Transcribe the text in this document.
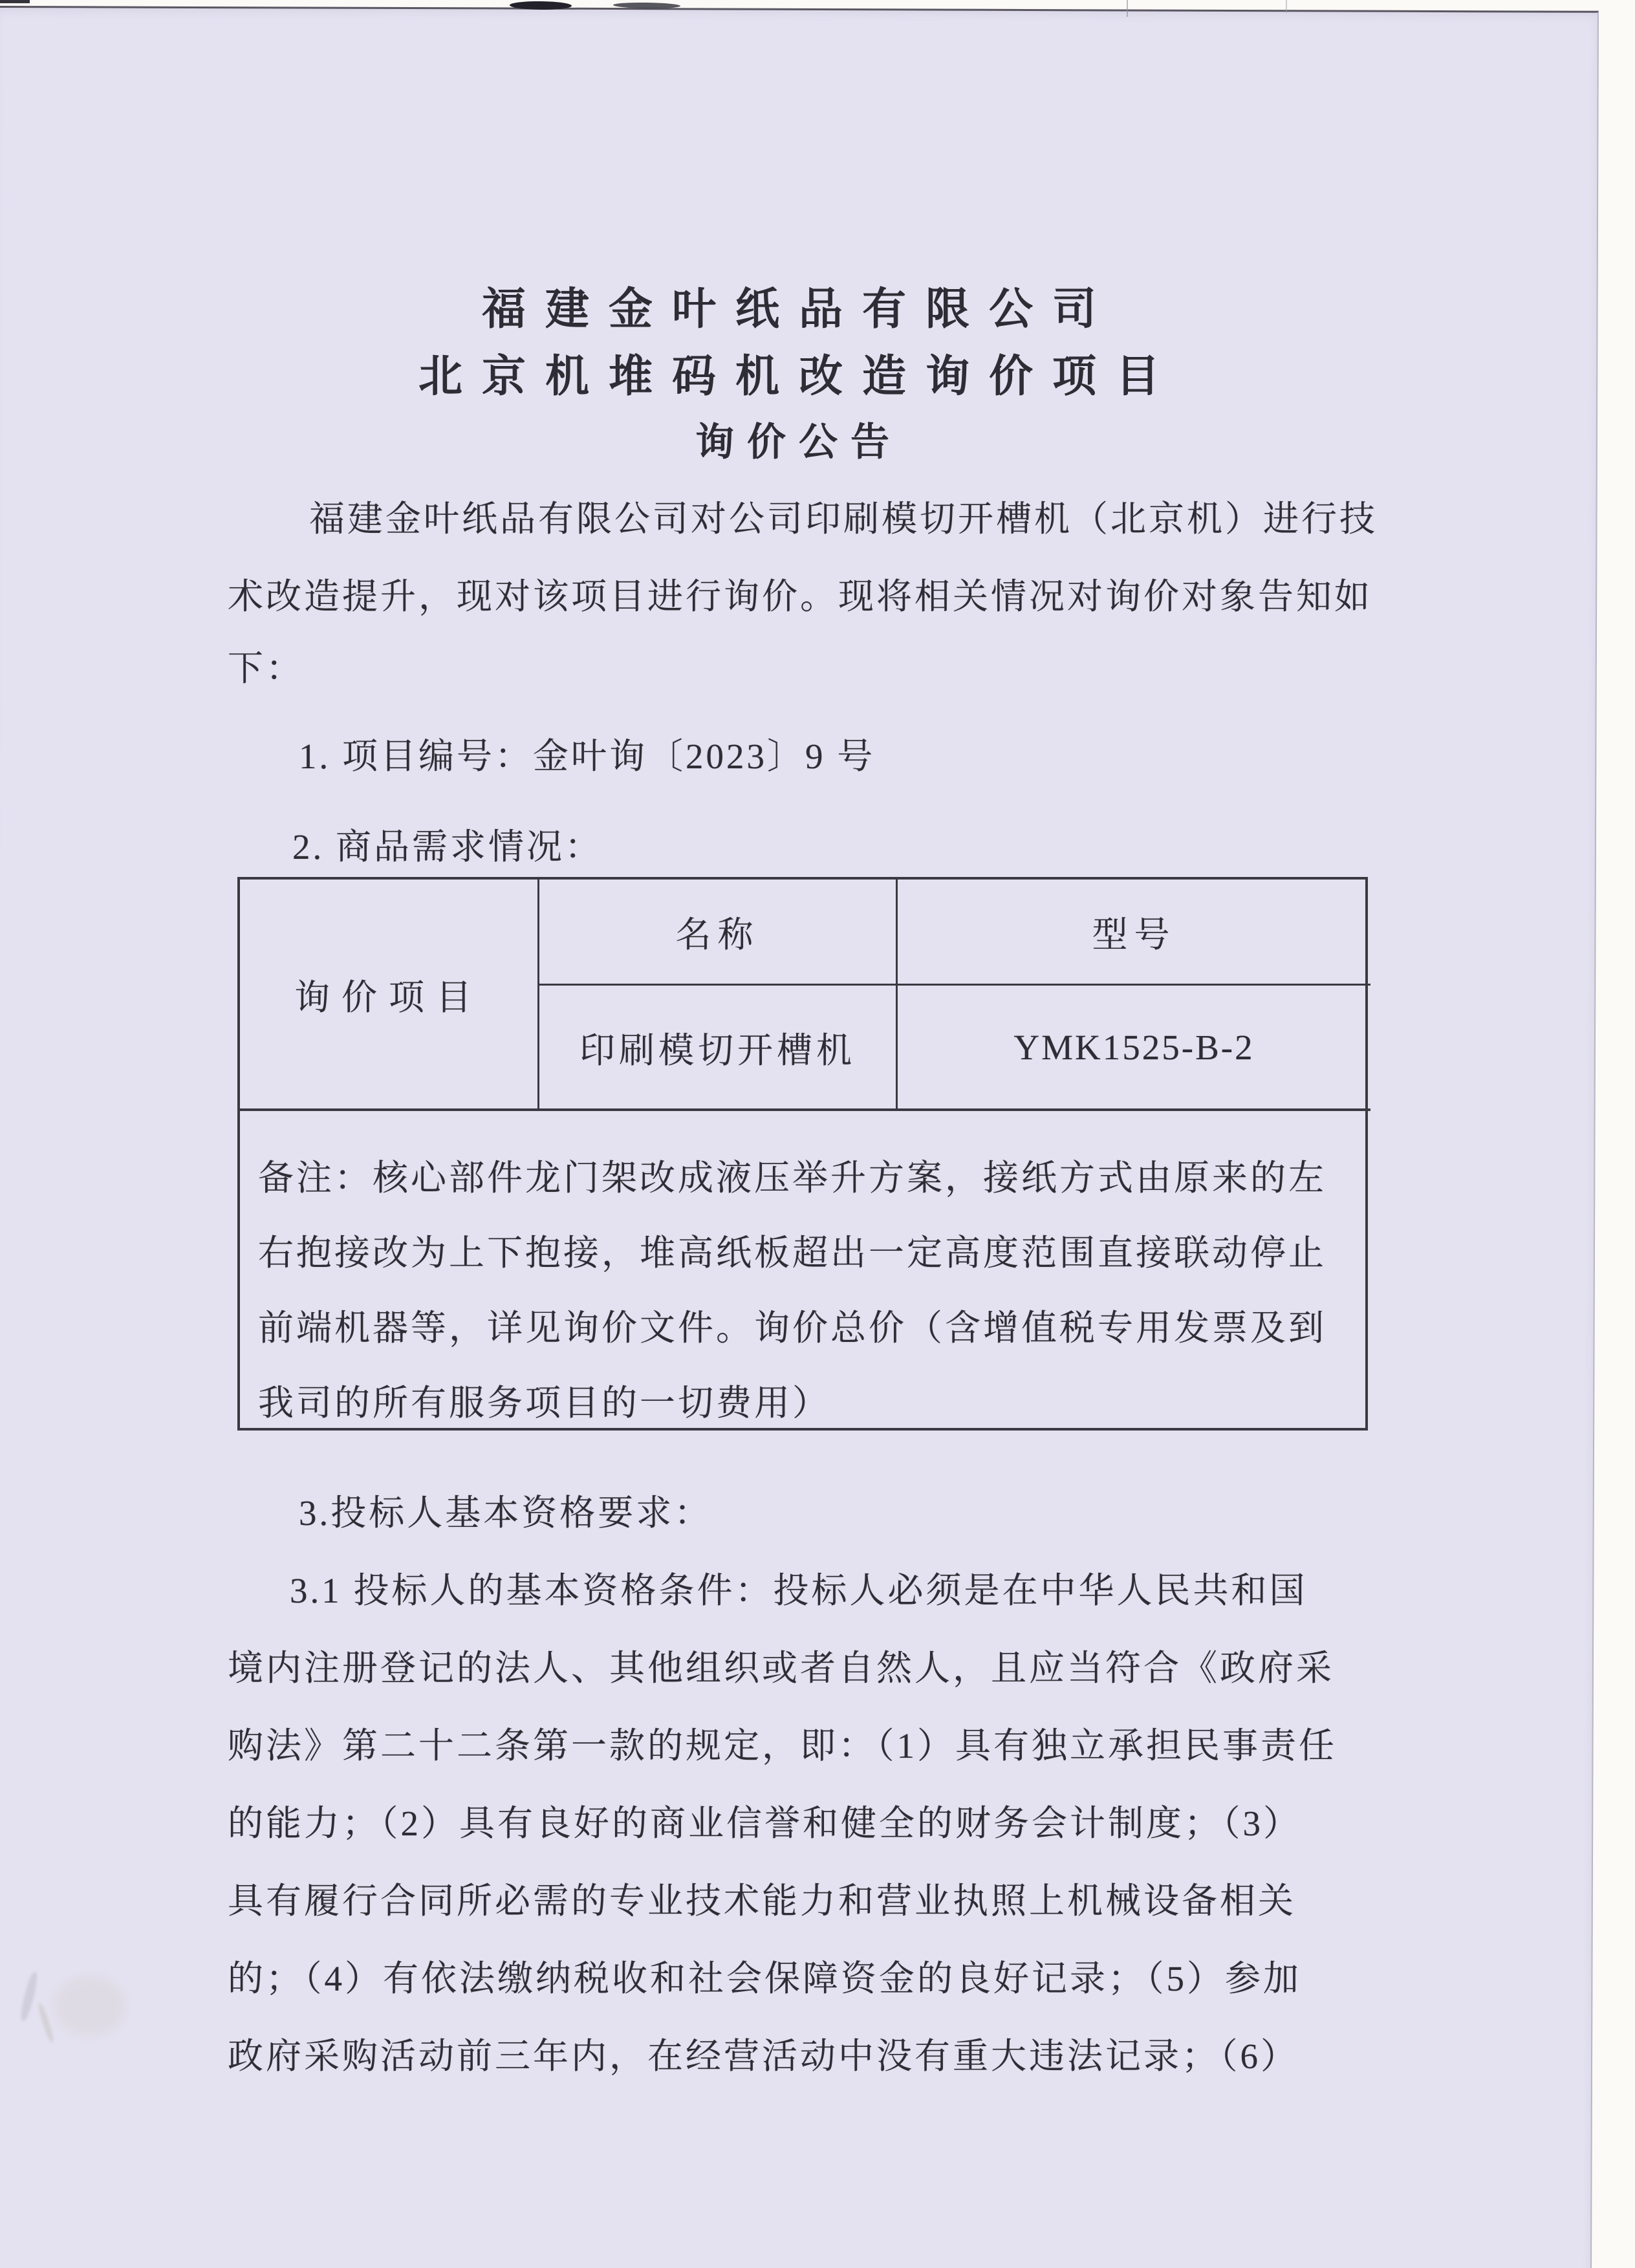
福建金叶纸品有限公司
北京机堆码机改造询价项目
询价公告
福建金叶纸品有限公司对公司印刷模切开槽机（北京机）进行技
术改造提升，现对该项目进行询价。现将相关情况对询价对象告知如
下：
1. 项目编号：金叶询〔2023〕9 号
2. 商品需求情况：
询价项目
名称	型号
印刷模切开槽机	YMK1525-B-2
备注：核心部件龙门架改成液压举升方案，接纸方式由原来的左
右抱接改为上下抱接，堆高纸板超出一定高度范围直接联动停止
前端机器等，详见询价文件。询价总价（含增值税专用发票及到
我司的所有服务项目的一切费用）
3.投标人基本资格要求：
3.1 投标人的基本资格条件：投标人必须是在中华人民共和国
境内注册登记的法人、其他组织或者自然人，且应当符合《政府采
购法》第二十二条第一款的规定，即：（1）具有独立承担民事责任
的能力；（2）具有良好的商业信誉和健全的财务会计制度；（3）
具有履行合同所必需的专业技术能力和营业执照上机械设备相关
的；（4）有依法缴纳税收和社会保障资金的良好记录；（5）参加
政府采购活动前三年内，在经营活动中没有重大违法记录；（6）
